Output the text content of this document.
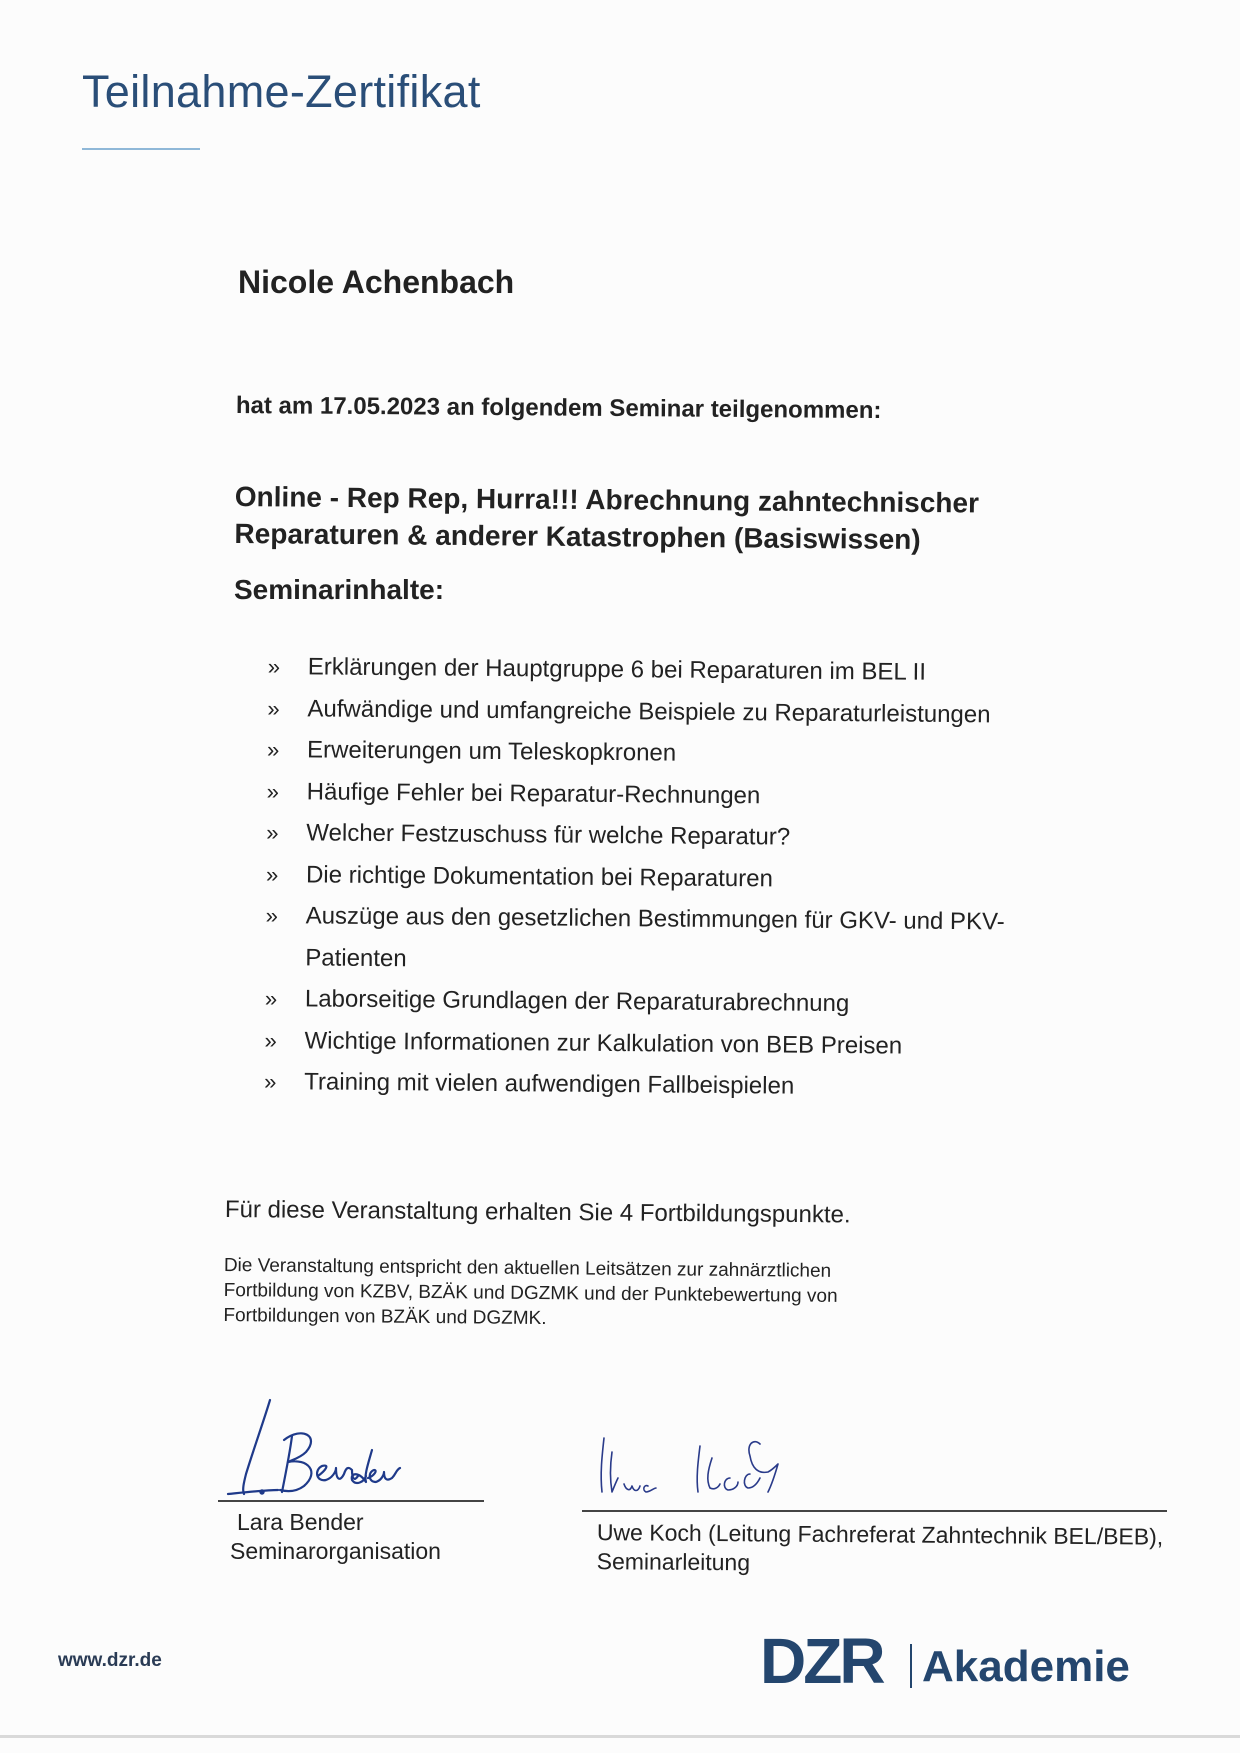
Teilnahme-Zertifikat
Nicole Achenbach
hat am 17.05.2023 an folgendem Seminar teilgenommen:
Online - Rep Rep, Hurra!!! Abrechnung zahntechnischer Reparaturen & anderer Katastrophen (Basiswissen)
Seminarinhalte:
» Erklärungen der Hauptgruppe 6 bei Reparaturen im BEL II
» Aufwändige und umfangreiche Beispiele zu Reparaturleistungen
» Erweiterungen um Teleskopkronen
» Häufige Fehler bei Reparatur-Rechnungen
» Welcher Festzuschuss für welche Reparatur?
» Die richtige Dokumentation bei Reparaturen
» Auszüge aus den gesetzlichen Bestimmungen für GKV- und PKV-Patienten
» Laborseitige Grundlagen der Reparaturabrechnung
» Wichtige Informationen zur Kalkulation von BEB Preisen
» Training mit vielen aufwendigen Fallbeispielen
Für diese Veranstaltung erhalten Sie 4 Fortbildungspunkte.
Die Veranstaltung entspricht den aktuellen Leitsätzen zur zahnärztlichen Fortbildung von KZBV, BZÄK und DGZMK und der Punktebewertung von Fortbildungen von BZÄK und DGZMK.
Lara Bender
Seminarorganisation
Uwe Koch (Leitung Fachreferat Zahntechnik BEL/BEB), Seminarleitung
www.dzr.de	DZR Akademie
